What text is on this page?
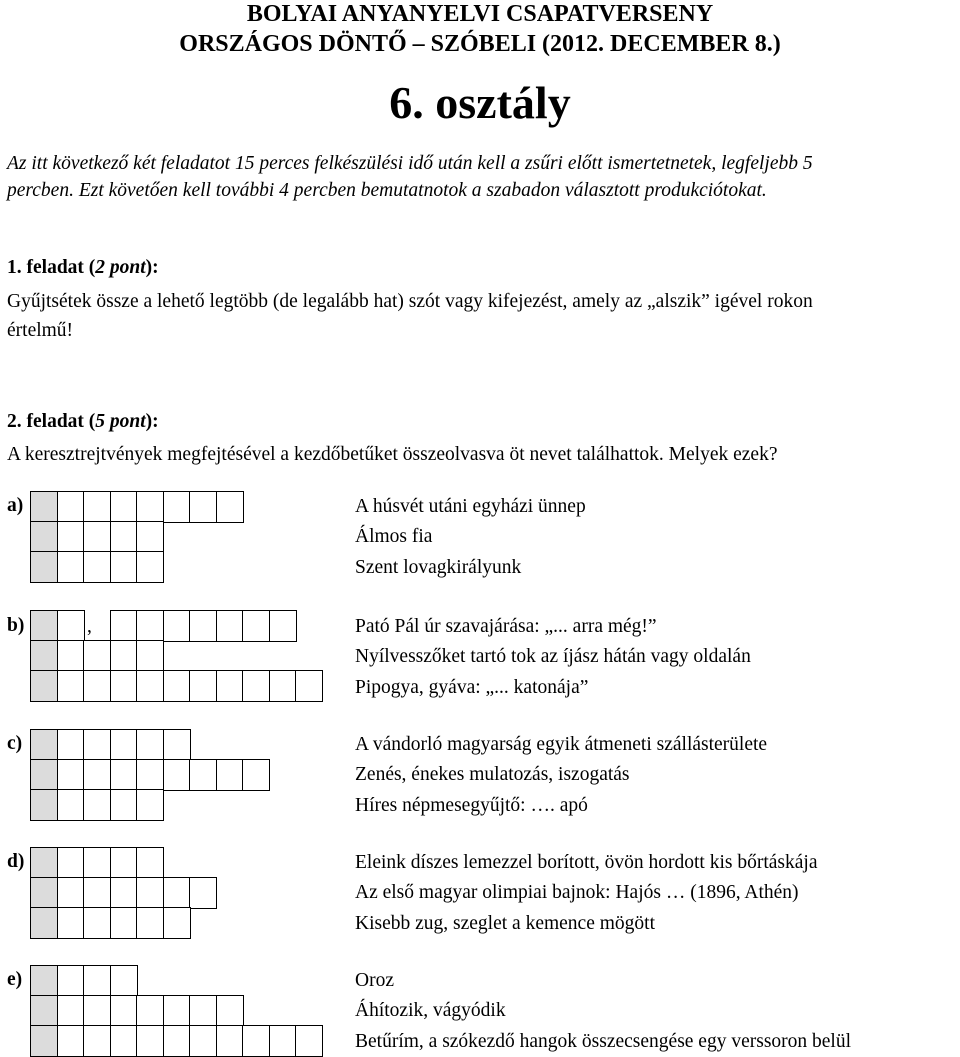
BOLYAI ANYANYELVI CSAPATVERSENY
ORSZÁGOS DÖNTŐ – SZÓBELI (2012. DECEMBER 8.)
6. osztály
Az itt következő két feladatot 15 perces felkészülési idő után kell a zsűri előtt ismertetnetek, legfeljebb 5
percben. Ezt követően kell további 4 percben bemutatnotok a szabadon választott produkciótokat.
1. feladat (2 pont):
Gyűjtsétek össze a lehető legtöbb (de legalább hat) szót vagy kifejezést, amely az „alszik” igével rokon
értelmű!
2. feladat (5 pont):
A keresztrejtvények megfejtésével a kezdőbetűket összeolvasva öt nevet találhattok. Melyek ezek?
a)	A húsvét utáni egyházi ünnep
Álmos fia
Szent lovagkirályunk
b)	,	Pató Pál úr szavajárása: „... arra még!”
Nyílvesszőket tartó tok az íjász hátán vagy oldalán
Pipogya, gyáva: „... katonája”
c)	A vándorló magyarság egyik átmeneti szállásterülete
Zenés, énekes mulatozás, iszogatás
Híres népmesegyűjtő: …. apó
d)	Eleink díszes lemezzel borított, övön hordott kis bőrtáskája
Az első magyar olimpiai bajnok: Hajós … (1896, Athén)
Kisebb zug, szeglet a kemence mögött
e)	Oroz
Áhítozik, vágyódik
Betűrím, a szókezdő hangok összecsengése egy verssoron belül
